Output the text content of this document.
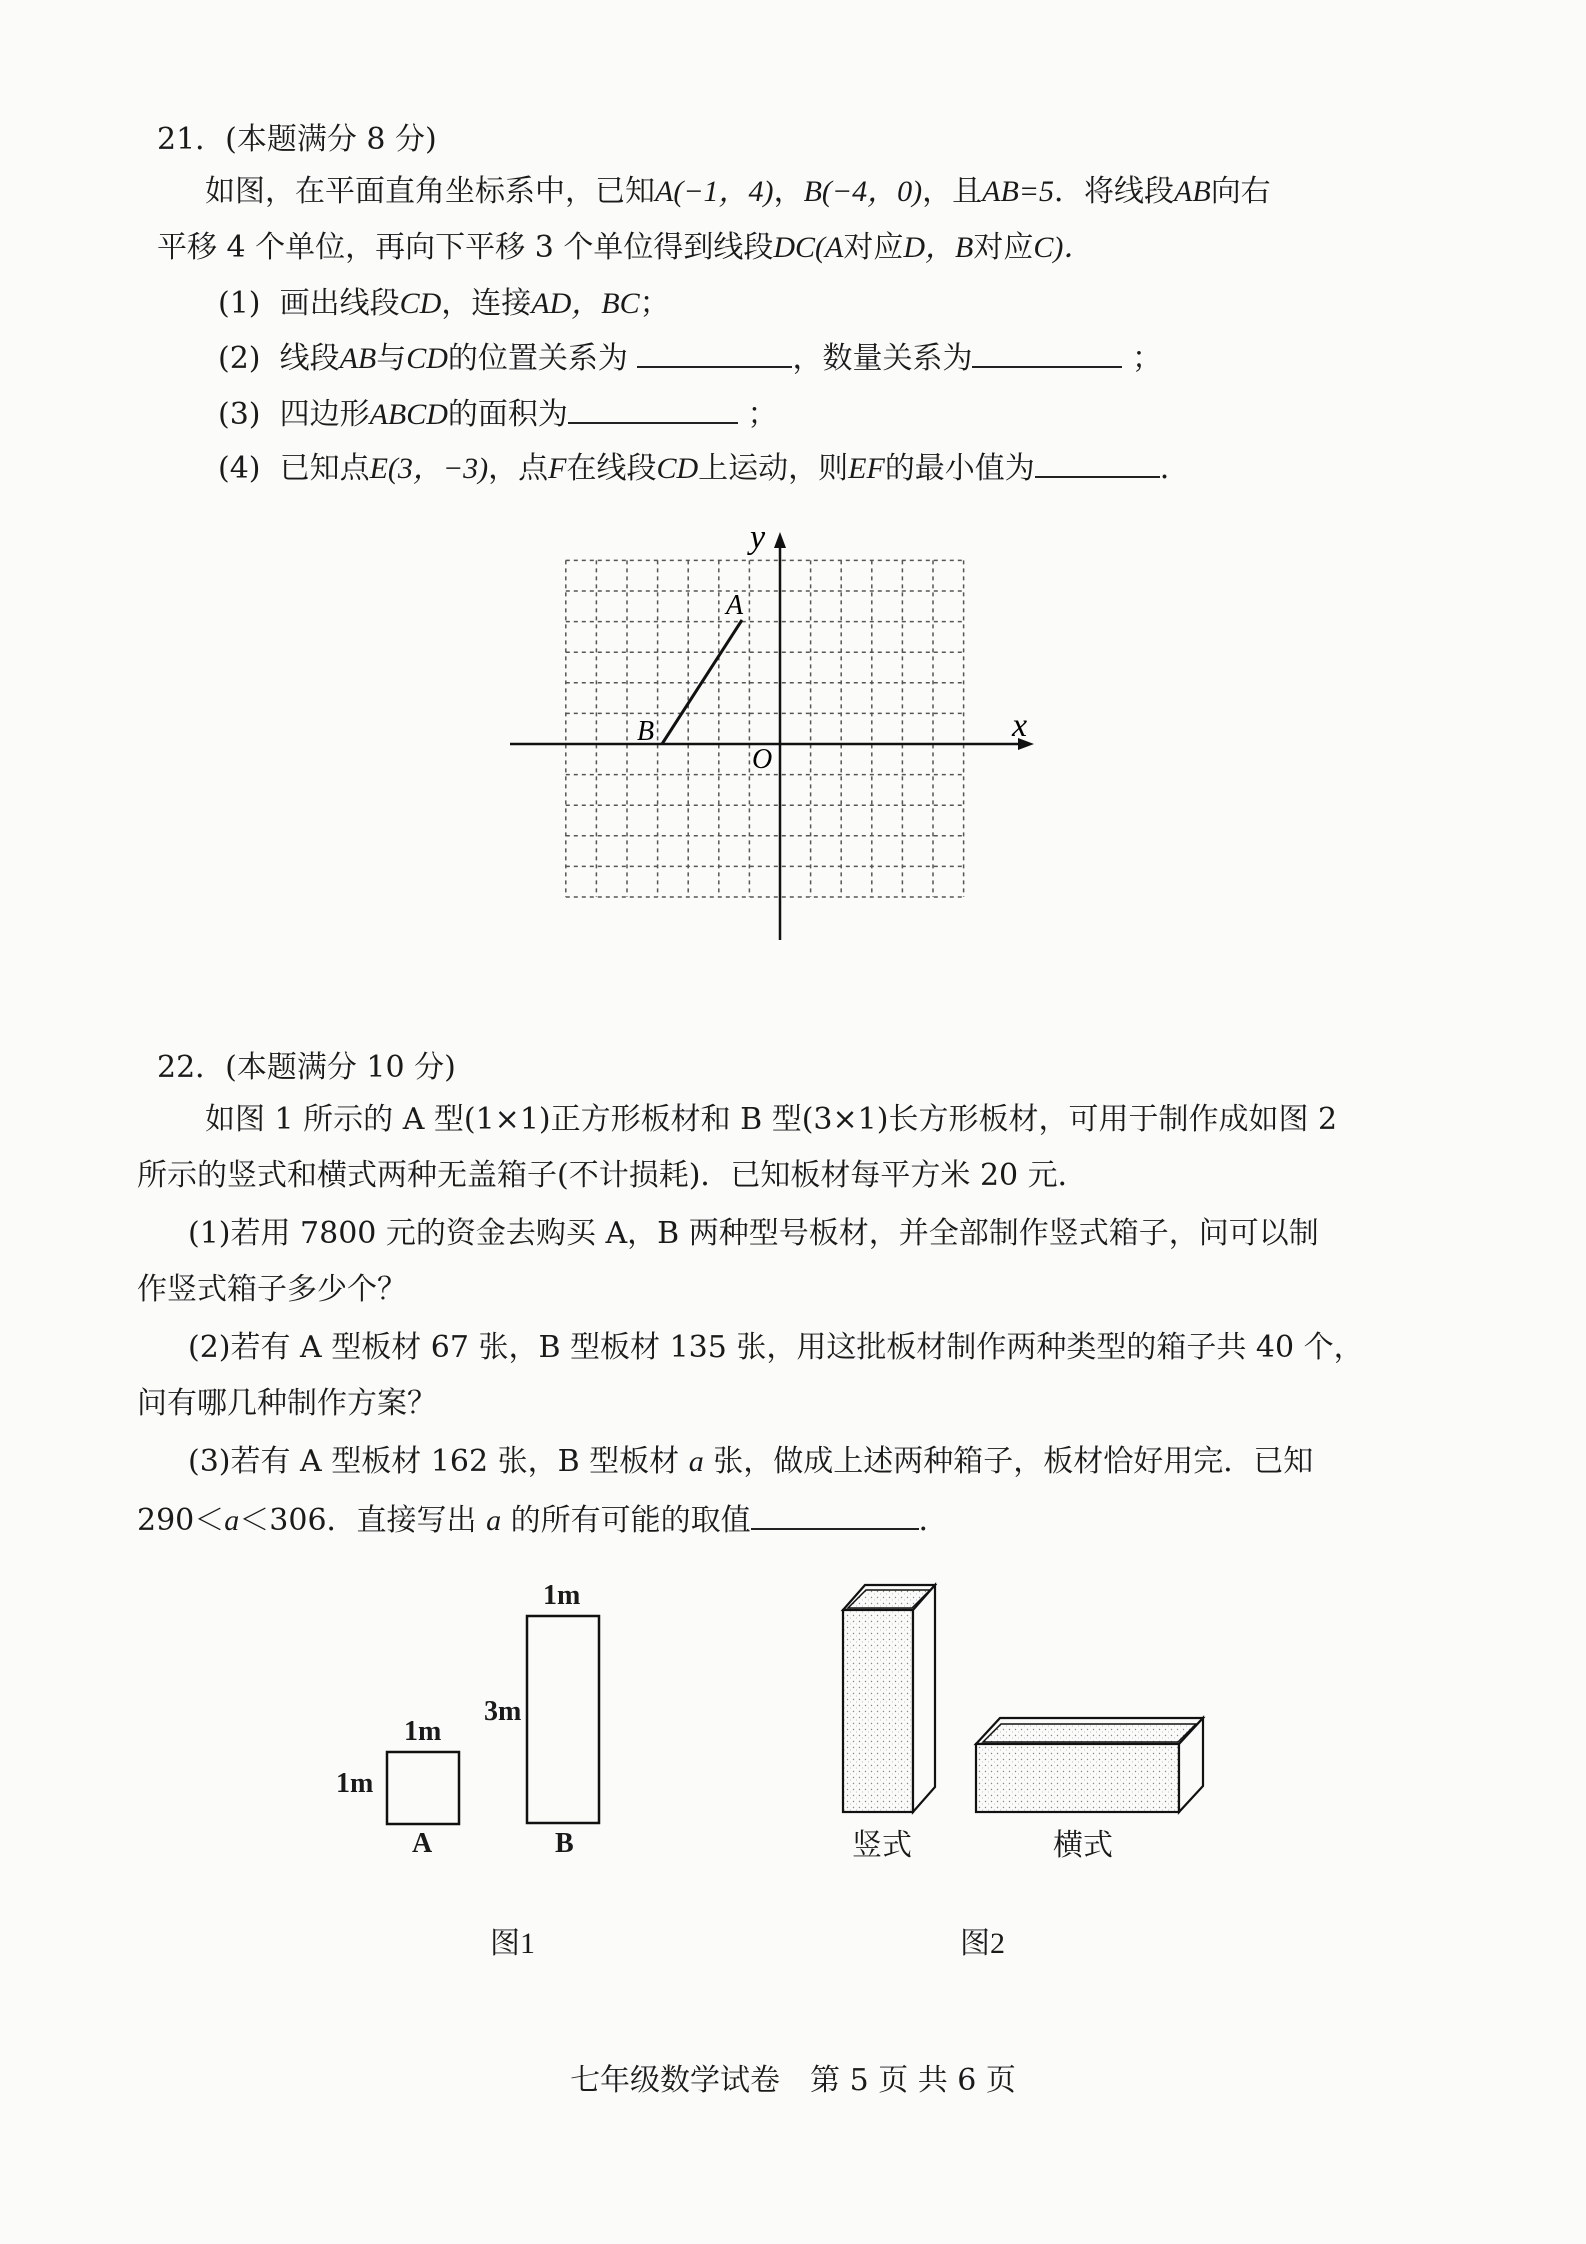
21．(本题满分 8 分)
如图，在平面直角坐标系中，已知A(−1，4)，B(−4，0)，且AB=5．将线段AB向右
平移 4 个单位，再向下平移 3 个单位得到线段DC(A对应D，B对应C)．
(1) 画出线段CD，连接AD，BC；
(2) 线段AB与CD的位置关系为	，数量关系为	；
(3) 四边形ABCD的面积为	；
(4) 已知点E(3，−3)，点F在线段CD上运动，则EF的最小值为	．
x
y
O
A
B
22．(本题满分 10 分)
如图 1 所示的 A 型(1×1)正方形板材和 B 型(3×1)长方形板材，可用于制作成如图 2
所示的竖式和横式两种无盖箱子(不计损耗)．已知板材每平方米 20 元．
(1)若用 7800 元的资金去购买 A，B 两种型号板材，并全部制作竖式箱子，问可以制
作竖式箱子多少个？
(2)若有 A 型板材 67 张，B 型板材 135 张，用这批板材制作两种类型的箱子共 40 个，
问有哪几种制作方案？
(3)若有 A 型板材 162 张，B 型板材 a 张，做成上述两种箱子，板材恰好用完．已知
290＜a＜306．直接写出 a 的所有可能的取值	．
1m
1m
A
1m
3m
B
图1
竖式	横式
图2
七年级数学试卷　第 5 页 共 6 页
